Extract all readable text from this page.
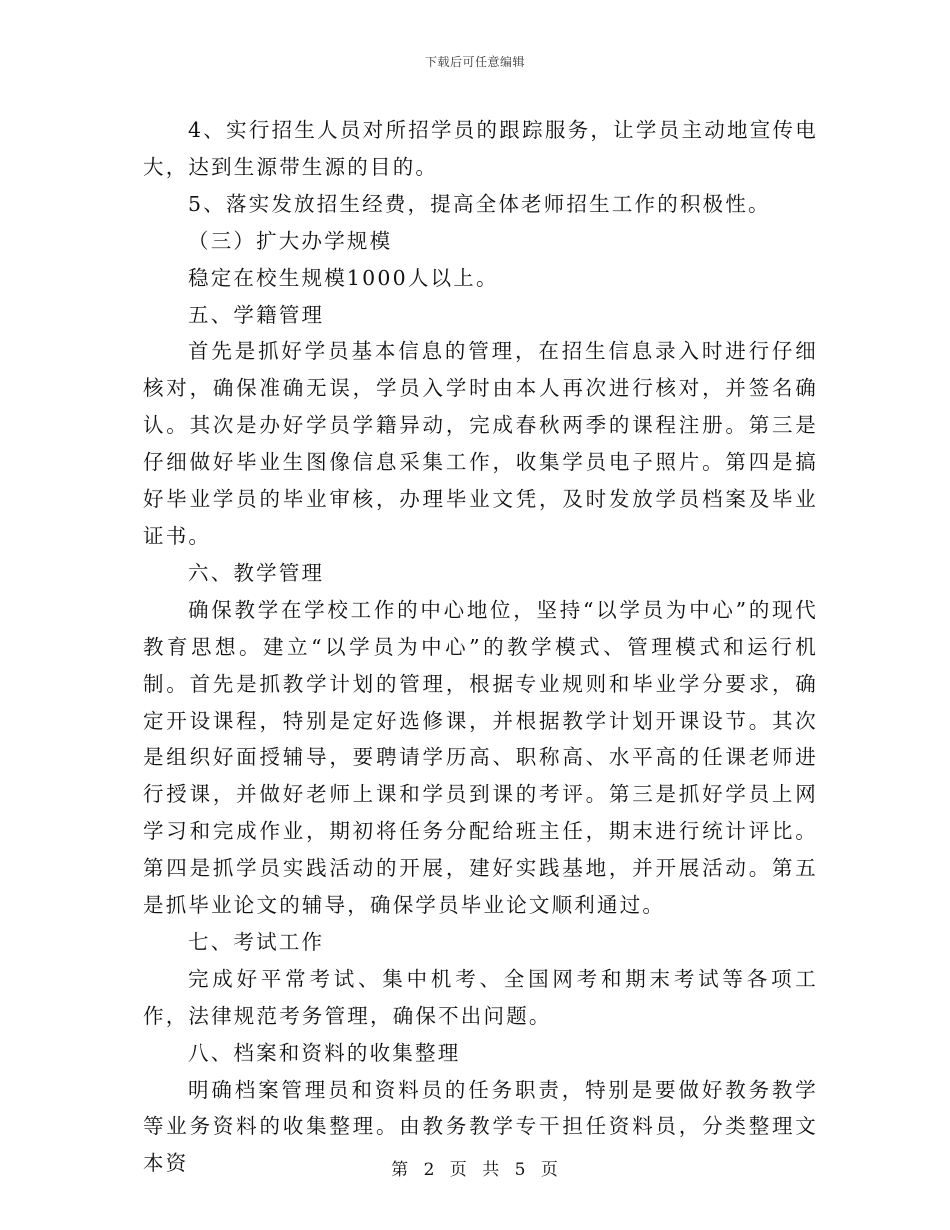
下载后可任意编辑

4、实行招生人员对所招学员的跟踪服务，让学员主动地宣传电大，达到生源带生源的目的。

5、落实发放招生经费，提高全体老师招生工作的积极性。

（三）扩大办学规模

稳定在校生规模1000人以上。

五、学籍管理

首先是抓好学员基本信息的管理，在招生信息录入时进行仔细核对，确保准确无误，学员入学时由本人再次进行核对，并签名确认。其次是办好学员学籍异动，完成春秋两季的课程注册。第三是仔细做好毕业生图像信息采集工作，收集学员电子照片。第四是搞好毕业学员的毕业审核，办理毕业文凭，及时发放学员档案及毕业证书。

六、教学管理

确保教学在学校工作的中心地位，坚持“以学员为中心”的现代教育思想。建立“以学员为中心”的教学模式、管理模式和运行机制。首先是抓教学计划的管理，根据专业规则和毕业学分要求，确定开设课程，特别是定好选修课，并根据教学计划开课设节。其次是组织好面授辅导，要聘请学历高、职称高、水平高的任课老师进行授课，并做好老师上课和学员到课的考评。第三是抓好学员上网学习和完成作业，期初将任务分配给班主任，期末进行统计评比。第四是抓学员实践活动的开展，建好实践基地，并开展活动。第五是抓毕业论文的辅导，确保学员毕业论文顺利通过。

七、考试工作

完成好平常考试、集中机考、全国网考和期末考试等各项工作，法律规范考务管理，确保不出问题。

八、档案和资料的收集整理

明确档案管理员和资料员的任务职责，特别是要做好教务教学等业务资料的收集整理。由教务教学专干担任资料员，分类整理文本资	第 2 页 共 5 页
